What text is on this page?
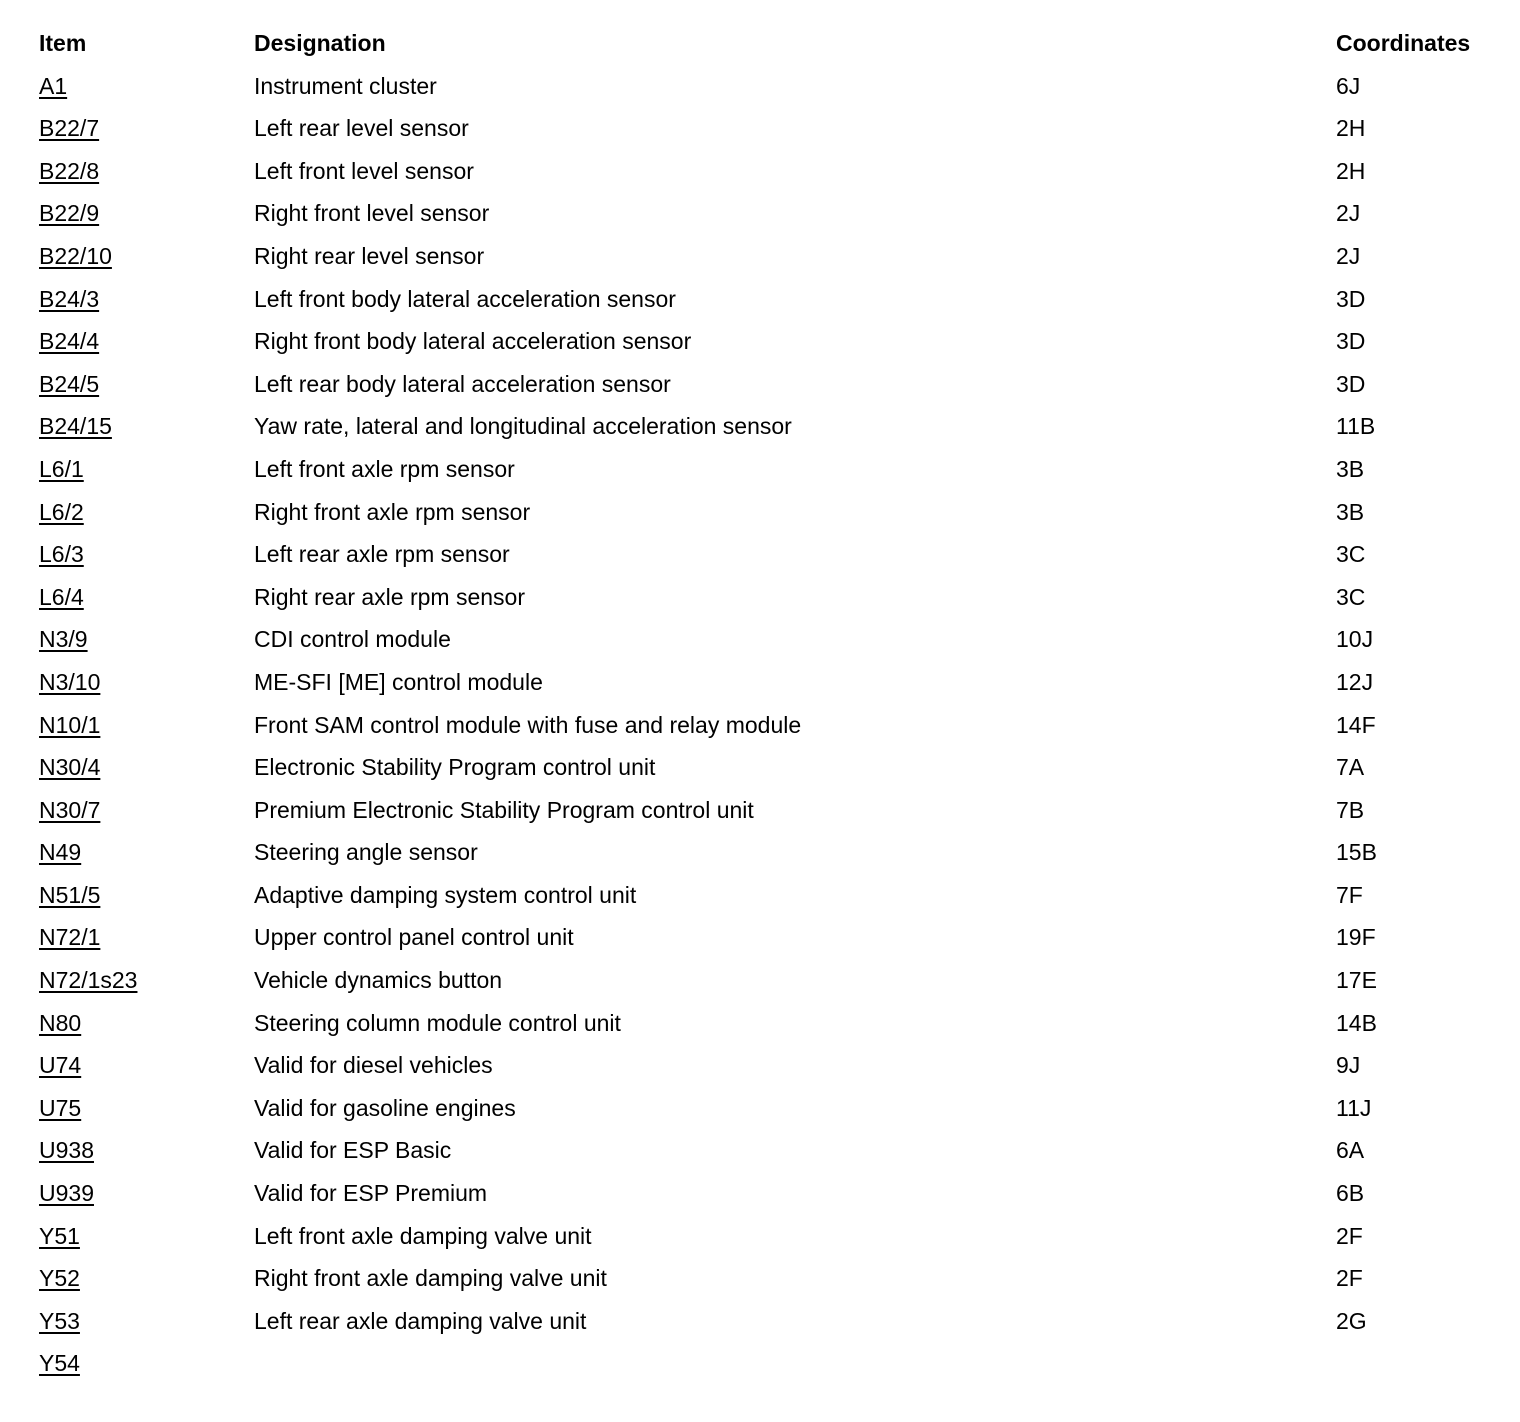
Item	Designation	Coordinates
A1	Instrument cluster	6J
B22/7	Left rear level sensor	2H
B22/8	Left front level sensor	2H
B22/9	Right front level sensor	2J
B22/10	Right rear level sensor	2J
B24/3	Left front body lateral acceleration sensor	3D
B24/4	Right front body lateral acceleration sensor	3D
B24/5	Left rear body lateral acceleration sensor	3D
B24/15	Yaw rate, lateral and longitudinal acceleration sensor	11B
L6/1	Left front axle rpm sensor	3B
L6/2	Right front axle rpm sensor	3B
L6/3	Left rear axle rpm sensor	3C
L6/4	Right rear axle rpm sensor	3C
N3/9	CDI control module	10J
N3/10	ME-SFI [ME] control module	12J
N10/1	Front SAM control module with fuse and relay module	14F
N30/4	Electronic Stability Program control unit	7A
N30/7	Premium Electronic Stability Program control unit	7B
N49	Steering angle sensor	15B
N51/5	Adaptive damping system control unit	7F
N72/1	Upper control panel control unit	19F
N72/1s23	Vehicle dynamics button	17E
N80	Steering column module control unit	14B
U74	Valid for diesel vehicles	9J
U75	Valid for gasoline engines	11J
U938	Valid for ESP Basic	6A
U939	Valid for ESP Premium	6B
Y51	Left front axle damping valve unit	2F
Y52	Right front axle damping valve unit	2F
Y53	Left rear axle damping valve unit	2G
Y54
